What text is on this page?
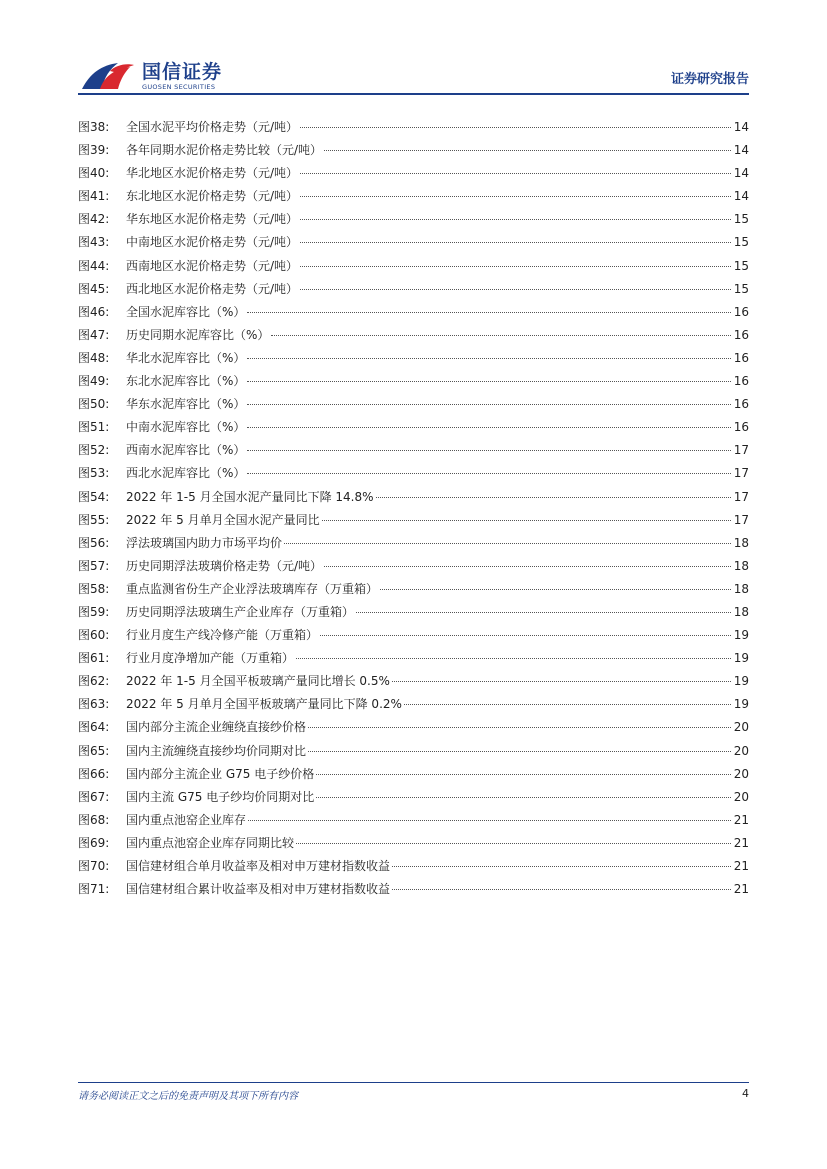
国信证券
GUOSEN SECURITIES	证券研究报告
图38:	全国水泥平均价格走势（元/吨）	14
图39:	各年同期水泥价格走势比较（元/吨）	14
图40:	华北地区水泥价格走势（元/吨）	14
图41:	东北地区水泥价格走势（元/吨）	14
图42:	华东地区水泥价格走势（元/吨）	15
图43:	中南地区水泥价格走势（元/吨）	15
图44:	西南地区水泥价格走势（元/吨）	15
图45:	西北地区水泥价格走势（元/吨）	15
图46:	全国水泥库容比（%）	16
图47:	历史同期水泥库容比（%）	16
图48:	华北水泥库容比（%）	16
图49:	东北水泥库容比（%）	16
图50:	华东水泥库容比（%）	16
图51:	中南水泥库容比（%）	16
图52:	西南水泥库容比（%）	17
图53:	西北水泥库容比（%）	17
图54:	2022 年 1-5 月全国水泥产量同比下降 14.8%	17
图55:	2022 年 5 月单月全国水泥产量同比	17
图56:	浮法玻璃国内助力市场平均价	18
图57:	历史同期浮法玻璃价格走势（元/吨）	18
图58:	重点监测省份生产企业浮法玻璃库存（万重箱）	18
图59:	历史同期浮法玻璃生产企业库存（万重箱）	18
图60:	行业月度生产线冷修产能（万重箱）	19
图61:	行业月度净增加产能（万重箱）	19
图62:	2022 年 1-5 月全国平板玻璃产量同比增长 0.5%	19
图63:	2022 年 5 月单月全国平板玻璃产量同比下降 0.2%	19
图64:	国内部分主流企业缠绕直接纱价格	20
图65:	国内主流缠绕直接纱均价同期对比	20
图66:	国内部分主流企业 G75 电子纱价格	20
图67:	国内主流 G75 电子纱均价同期对比	20
图68:	国内重点池窑企业库存	21
图69:	国内重点池窑企业库存同期比较	21
图70:	国信建材组合单月收益率及相对申万建材指数收益	21
图71:	国信建材组合累计收益率及相对申万建材指数收益	21
请务必阅读正文之后的免责声明及其项下所有内容	4
